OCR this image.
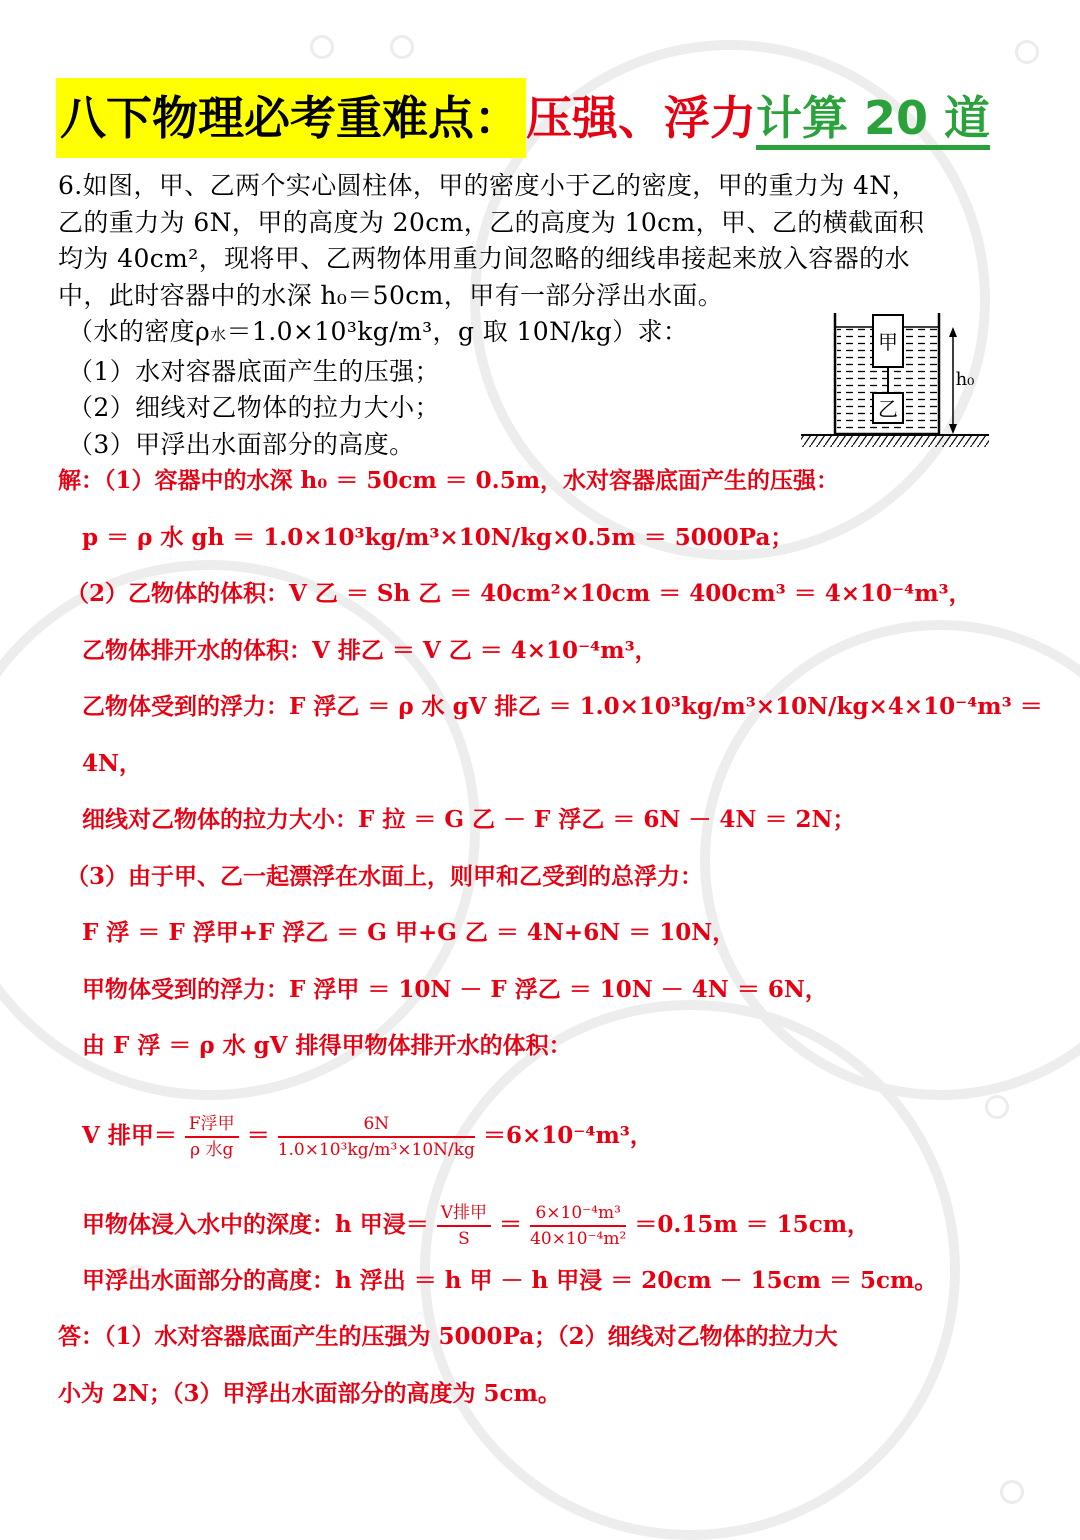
八下物理必考重难点： 压强、浮力计算 20 道
6.如图，甲、乙两个实心圆柱体，甲的密度小于乙的密度，甲的重力为 4N，
乙的重力为 6N，甲的高度为 20cm，乙的高度为 10cm，甲、乙的横截面积
均为 40cm²，现将甲、乙两物体用重力间忽略的细线串接起来放入容器的水
中，此时容器中的水深 h₀＝50cm，甲有一部分浮出水面。
（水的密度ρ水＝1.0×10³kg/m³，g 取 10N/kg）求：
（1）水对容器底面产生的压强；
（2）细线对乙物体的拉力大小；
（3）甲浮出水面部分的高度。
甲
乙
h₀
解：（1）容器中的水深 h₀ ＝ 50cm ＝ 0.5m，水对容器底面产生的压强：
p ＝ ρ 水 gh ＝ 1.0×10³kg/m³×10N/kg×0.5m ＝ 5000Pa；
（2）乙物体的体积：V 乙 ＝ Sh 乙 ＝ 40cm²×10cm ＝ 400cm³ ＝ 4×10⁻⁴m³，
乙物体排开水的体积：V 排乙 ＝ V 乙 ＝ 4×10⁻⁴m³，
乙物体受到的浮力：F 浮乙 ＝ ρ 水 gV 排乙 ＝ 1.0×10³kg/m³×10N/kg×4×10⁻⁴m³ ＝
4N，
细线对乙物体的拉力大小：F 拉 ＝ G 乙 － F 浮乙 ＝ 6N － 4N ＝ 2N；
（3）由于甲、乙一起漂浮在水面上，则甲和乙受到的总浮力：
F 浮 ＝ F 浮甲+F 浮乙 ＝ G 甲+G 乙 ＝ 4N+6N ＝ 10N，
甲物体受到的浮力：F 浮甲 ＝ 10N － F 浮乙 ＝ 10N － 4N ＝ 6N，
由 F 浮 ＝ ρ 水 gV 排得甲物体排开水的体积：
V 排甲＝ $\frac{\text{F浮甲}}{\text{ρ 水g}} = \frac{6N}{\text{1.0×10³kg/m³×10N/kg}} =6\times 10^{-4}m^3$，
甲物体浸入水中的深度：h 甲浸＝ $\frac{\text{V排甲}}{S} = \frac{\text{6×10⁻⁴m³}}{\text{40×10⁻⁴m²}} =0.15m = 15cm$，
甲浮出水面部分的高度：h 浮出 ＝ h 甲 － h 甲浸 ＝ 20cm － 15cm ＝ 5cm。
答：（1）水对容器底面产生的压强为 5000Pa；（2）细线对乙物体的拉力大
小为 2N；（3）甲浮出水面部分的高度为 5cm。
